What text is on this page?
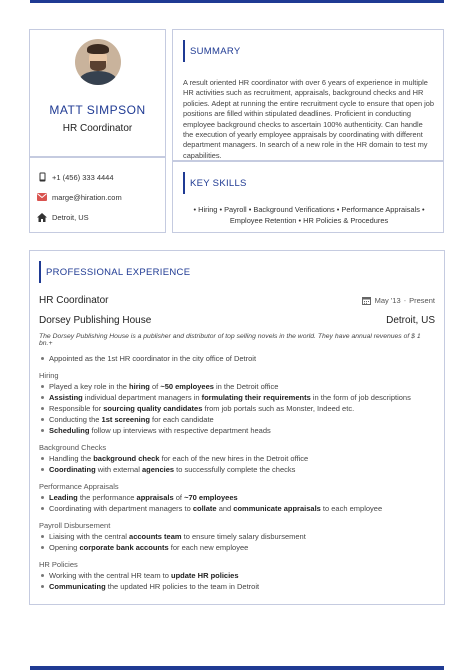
MATT SIMPSON
HR Coordinator
+1 (456) 333 4444
marge@hiration.com
Detroit, US
SUMMARY
A result oriented HR coordinator with over 6 years of experience in multiple HR activities such as recruitment, appraisals, background checks and HR policies. Adept at running the entire recruitment cycle to ensure that open job positions are filled within stipulated deadlines. Proficient in conducting employee background checks to ascertain 100% authenticity. Can handle the execution of yearly employee appraisals by coordinating with different department managers. In search of a new role in the HR domain to test my capabilities.
KEY SKILLS
• Hiring • Payroll • Background Verifications • Performance Appraisals • Employee Retention • HR Policies & Procedures
PROFESSIONAL EXPERIENCE
HR Coordinator	May '13 - Present
Dorsey Publishing House	Detroit, US
The Dorsey Publishing House is a publisher and distributor of top selling novels in the world. They have annual revenues of $ 1 bn.+
Appointed as the 1st HR coordinator in the city office of Detroit
Hiring
Played a key role in the hiring of ~50 employees in the Detroit office
Assisting individual department managers in formulating their requirements in the form of job descriptions
Responsible for sourcing quality candidates from job portals such as Monster, Indeed etc.
Conducting the 1st screening for each candidate
Scheduling follow up interviews with respective department heads
Background Checks
Handling the background check for each of the new hires in the Detroit office
Coordinating with external agencies to successfully complete the checks
Performance Appraisals
Leading the performance appraisals of ~70 employees
Coordinating with department managers to collate and communicate appraisals to each employee
Payroll Disbursement
Liaising with the central accounts team to ensure timely salary disbursement
Opening corporate bank accounts for each new employee
HR Policies
Working with the central HR team to update HR policies
Communicating the updated HR policies to the team in Detroit
